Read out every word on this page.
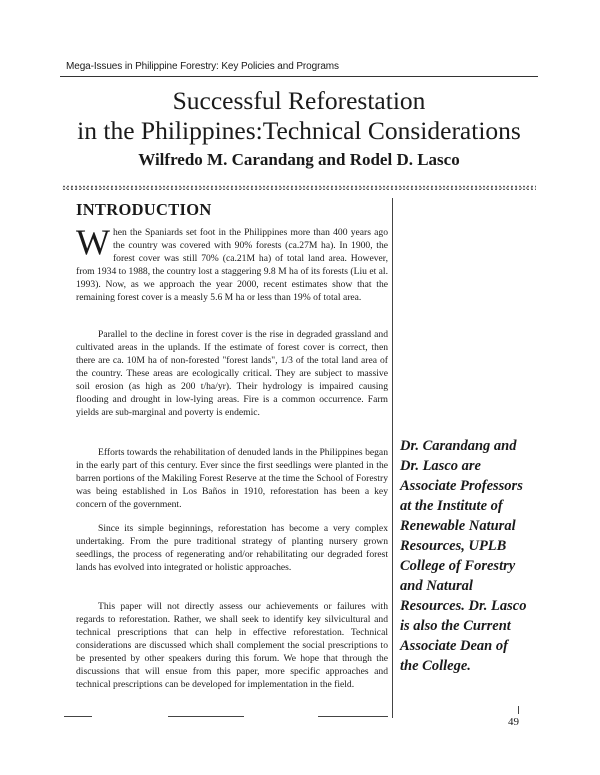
Mega-Issues in Philippine Forestry: Key Policies and Programs
Successful Reforestation
in the Philippines:Technical Considerations
Wilfredo M. Carandang and Rodel D. Lasco
INTRODUCTION

When the Spaniards set foot in the Philippines more than 400 years ago the country was covered with 90% forests (ca.27M ha). In 1900, the forest cover was still 70% (ca.21M ha) of total land area. However, from 1934 to 1988, the country lost a staggering 9.8 M ha of its forests (Liu et al. 1993). Now, as we approach the year 2000, recent estimates show that the remaining forest cover is a measly 5.6 M ha or less than 19% of total area.

Parallel to the decline in forest cover is the rise in degraded grassland and cultivated areas in the uplands. If the estimate of forest cover is correct, then there are ca. 10M ha of non-forested "forest lands", 1/3 of the total land area of the country. These areas are ecologically critical. They are subject to massive soil erosion (as high as 200 t/ha/yr). Their hydrology is impaired causing flooding and drought in low-lying areas. Fire is a common occurrence. Farm yields are sub-marginal and poverty is endemic.

Efforts towards the rehabilitation of denuded lands in the Philippines began in the early part of this century. Ever since the first seedlings were planted in the barren portions of the Makiling Forest Reserve at the time the School of Forestry was being established in Los Baños in 1910, reforestation has been a key concern of the government.

Since its simple beginnings, reforestation has become a very complex undertaking. From the pure traditional strategy of planting nursery grown seedlings, the process of regenerating and/or rehabilitating our degraded forest lands has evolved into integrated or holistic approaches.

This paper will not directly assess our achievements or failures with regards to reforestation. Rather, we shall seek to identify key silvicultural and technical prescriptions that can help in effective reforestation. Technical considerations are discussed which shall complement the social prescriptions to be presented by other speakers during this forum. We hope that through the discussions that will ensue from this paper, more specific approaches and technical prescriptions can be developed for implementation in the field.

Dr. Carandang and Dr. Lasco are Associate Professors at the Institute of Renewable Natural Resources, UPLB College of Forestry and Natural Resources. Dr. Lasco is also the Current Associate Dean of the College.
49
